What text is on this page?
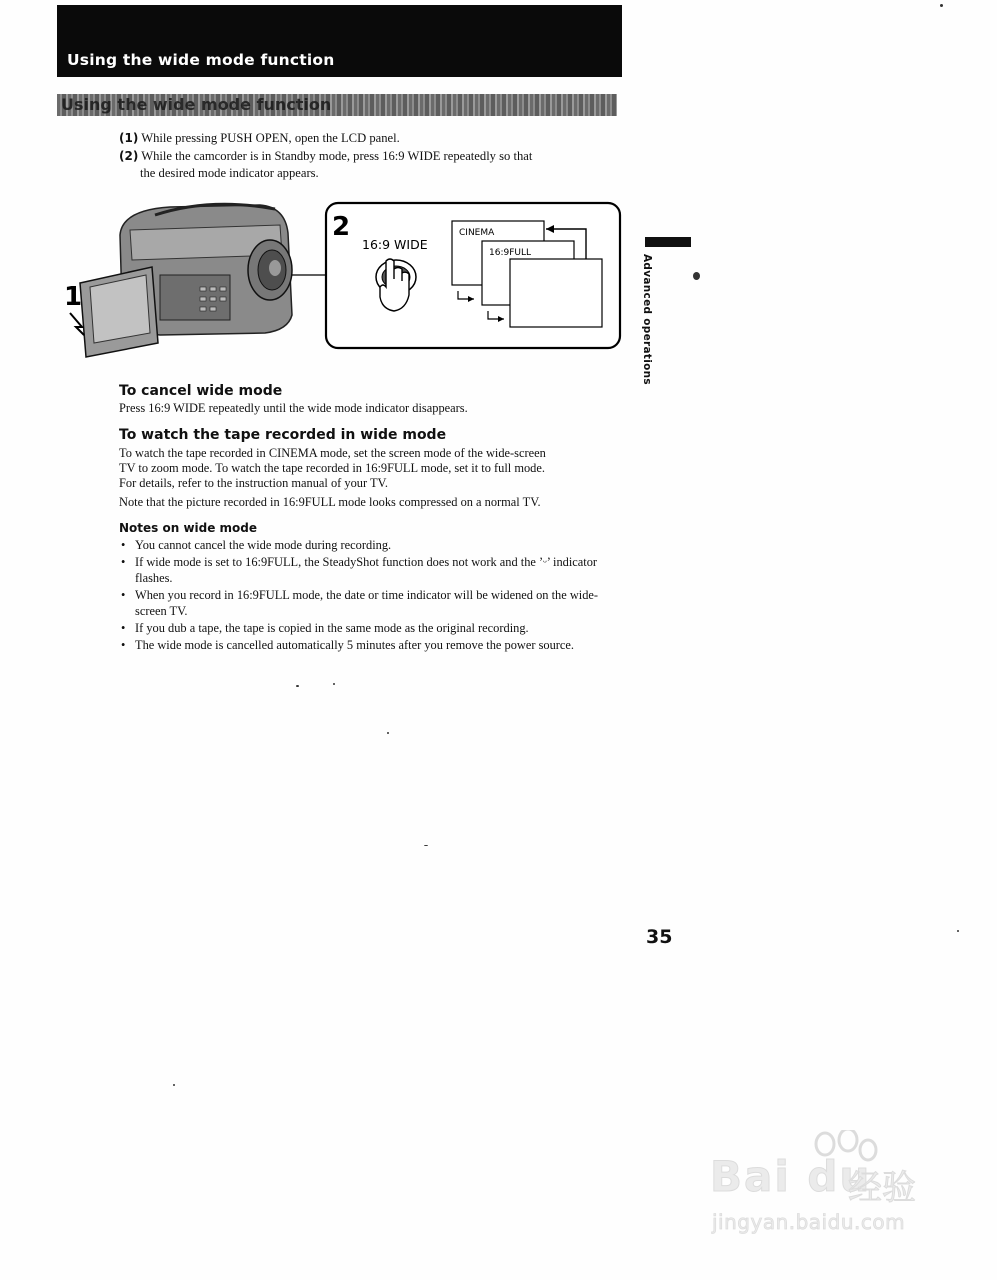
Using the wide mode function
Using the wide mode function
(1) While pressing PUSH OPEN, open the LCD panel.
(2) While the camcorder is in Standby mode, press 16:9 WIDE repeatedly so that
the desired mode indicator appears.
1
2
16:9 WIDE
CINEMA
16:9FULL
Advanced operations
To cancel wide mode

Press 16:9 WIDE repeatedly until the wide mode indicator disappears.

To watch the tape recorded in wide mode

To watch the tape recorded in CINEMA mode, set the screen mode of the wide-screen

TV to zoom mode. To watch the tape recorded in 16:9FULL mode, set it to full mode.

For details, refer to the instruction manual of your TV.

Note that the picture recorded in 16:9FULL mode looks compressed on a normal TV.

Notes on wide mode
• You cannot cancel the wide mode during recording.
• If wide mode is set to 16:9FULL, the SteadyShot function does not work and the ’ᵕ’ indicator flashes.
• When you record in 16:9FULL mode, the date or time indicator will be widened on the wide-screen TV.
• If you dub a tape, the tape is copied in the same mode as the original recording.
• The wide mode is cancelled automatically 5 minutes after you remove the power source.
35
Bai du
经验
jingyan.baidu.com
